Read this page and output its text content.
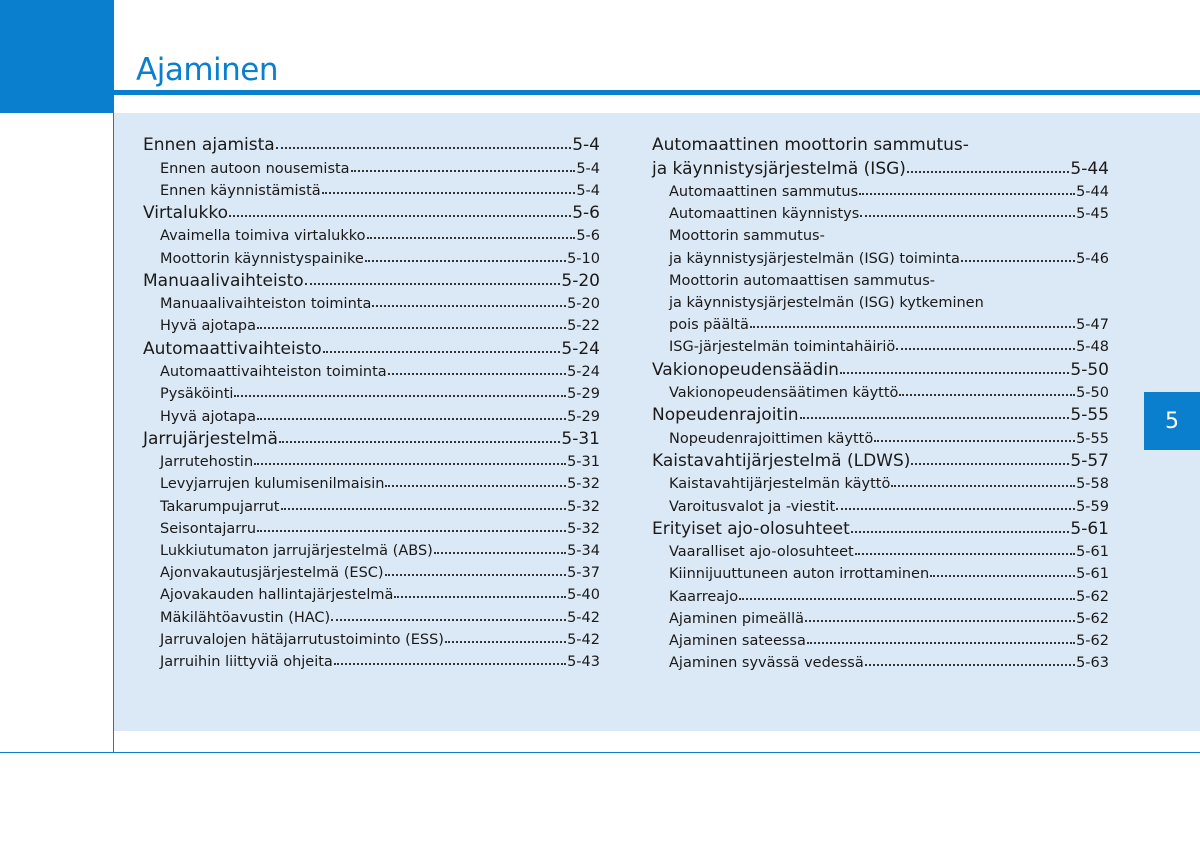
Ajaminen
5
Ennen ajamista	5-4
Ennen autoon nousemista	5-4
Ennen käynnistämistä	5-4
Virtalukko	5-6
Avaimella toimiva virtalukko	5-6
Moottorin käynnistyspainike	5-10
Manuaalivaihteisto	5-20
Manuaalivaihteiston toiminta	5-20
Hyvä ajotapa	5-22
Automaattivaihteisto	5-24
Automaattivaihteiston toiminta	5-24
Pysäköinti	5-29
Hyvä ajotapa	5-29
Jarrujärjestelmä	5-31
Jarrutehostin	5-31
Levyjarrujen kulumisenilmaisin	5-32
Takarumpujarrut	5-32
Seisontajarru	5-32
Lukkiutumaton jarrujärjestelmä (ABS)	5-34
Ajonvakautusjärjestelmä (ESC)	5-37
Ajovakauden hallintajärjestelmä	5-40
Mäkilähtöavustin (HAC)	5-42
Jarruvalojen hätäjarrutustoiminto (ESS)	5-42
Jarruihin liittyviä ohjeita	5-43
Automaattinen moottorin sammutus-
ja käynnistysjärjestelmä (ISG)	5-44
Automaattinen sammutus	5-44
Automaattinen käynnistys	5-45
Moottorin sammutus-
ja käynnistysjärjestelmän (ISG) toiminta	5-46
Moottorin automaattisen sammutus-
ja käynnistysjärjestelmän (ISG) kytkeminen
pois päältä	5-47
ISG-järjestelmän toimintahäiriö	5-48
Vakionopeudensäädin	5-50
Vakionopeudensäätimen käyttö	5-50
Nopeudenrajoitin	5-55
Nopeudenrajoittimen käyttö	5-55
Kaistavahtijärjestelmä (LDWS)	5-57
Kaistavahtijärjestelmän käyttö	5-58
Varoitusvalot ja -viestit	5-59
Erityiset ajo-olosuhteet	5-61
Vaaralliset ajo-olosuhteet	5-61
Kiinnijuuttuneen auton irrottaminen	5-61
Kaarreajo	5-62
Ajaminen pimeällä	5-62
Ajaminen sateessa	5-62
Ajaminen syvässä vedessä	5-63
